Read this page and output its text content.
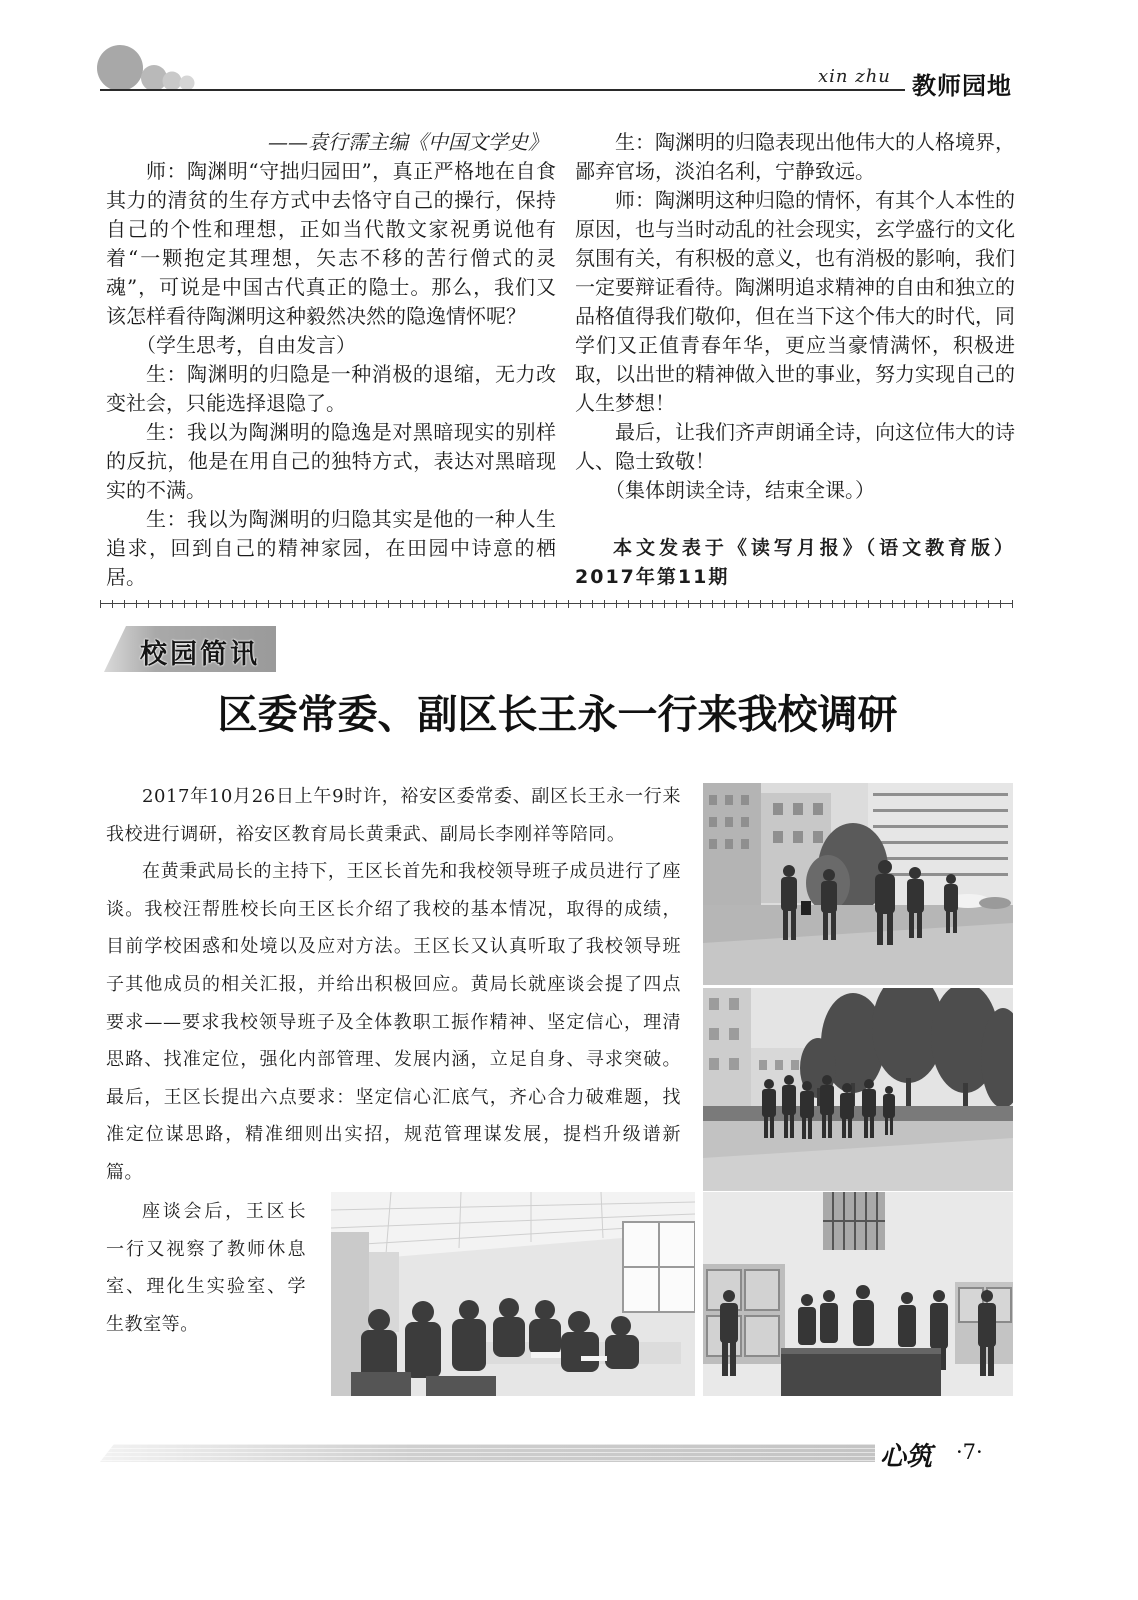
xin zhu 教师园地

——袁行霈主编《中国文学史》

师：陶渊明“守拙归园田”，真正严格地在自食其力的清贫的生存方式中去恪守自己的操行，保持自己的个性和理想，正如当代散文家祝勇说他有着“一颗抱定其理想，矢志不移的苦行僧式的灵魂”，可说是中国古代真正的隐士。那么，我们又该怎样看待陶渊明这种毅然决然的隐逸情怀呢？

（学生思考，自由发言）

生：陶渊明的归隐是一种消极的退缩，无力改变社会，只能选择退隐了。

生：我以为陶渊明的隐逸是对黑暗现实的别样的反抗，他是在用自己的独特方式，表达对黑暗现实的不满。

生：我以为陶渊明的归隐其实是他的一种人生追求，回到自己的精神家园，在田园中诗意的栖居。

生：陶渊明的归隐表现出他伟大的人格境界，鄙弃官场，淡泊名利，宁静致远。

师：陶渊明这种归隐的情怀，有其个人本性的原因，也与当时动乱的社会现实，玄学盛行的文化氛围有关，有积极的意义，也有消极的影响，我们一定要辩证看待。陶渊明追求精神的自由和独立的品格值得我们敬仰，但在当下这个伟大的时代，同学们又正值青春年华，更应当豪情满怀，积极进取，以出世的精神做入世的事业，努力实现自己的人生梦想！

最后，让我们齐声朗诵全诗，向这位伟大的诗人、隐士致敬！

（集体朗读全诗，结束全课。）

本文发表于《读写月报》（语文教育版）2017年第11期

校园简讯
区委常委、副区长王永一行来我校调研

2017年10月26日上午9时许，裕安区委常委、副区长王永一行来我校进行调研，裕安区教育局长黄秉武、副局长李刚祥等陪同。

在黄秉武局长的主持下，王区长首先和我校领导班子成员进行了座谈。我校汪帮胜校长向王区长介绍了我校的基本情况，取得的成绩，目前学校困惑和处境以及应对方法。王区长又认真听取了我校领导班子其他成员的相关汇报，并给出积极回应。黄局长就座谈会提了四点要求——要求我校领导班子及全体教职工振作精神、坚定信心，理清思路、找准定位，强化内部管理、发展内涵，立足自身、寻求突破。最后，王区长提出六点要求：坚定信心汇底气，齐心合力破难题，找准定位谋思路，精准细则出实招，规范管理谋发展，提档升级谱新篇。

座谈会后，王区长一行又视察了教师休息室、理化生实验室、学生教室等。

心筑 ·7·
